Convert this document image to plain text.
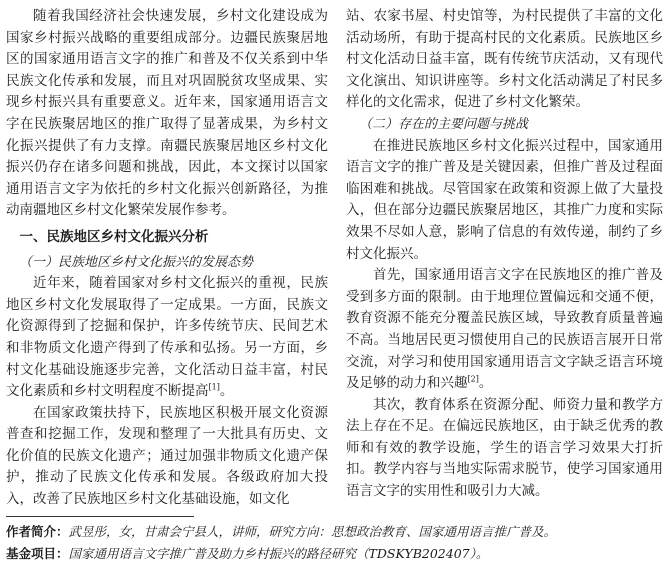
随着我国经济社会快速发展，乡村文化建设成为国家乡村振兴战略的重要组成部分。边疆民族聚居地区的国家通用语言文字的推广和普及不仅关系到中华民族文化传承和发展，而且对巩固脱贫攻坚成果、实现乡村振兴具有重要意义。近年来，国家通用语言文字在民族聚居地区的推广取得了显著成果，为乡村文化振兴提供了有力支撑。南疆民族聚居地区乡村文化振兴仍存在诸多问题和挑战，因此，本文探讨以国家通用语言文字为依托的乡村文化振兴创新路径，为推动南疆地区乡村文化繁荣发展作参考。

一、民族地区乡村文化振兴分析
（一）民族地区乡村文化振兴的发展态势

近年来，随着国家对乡村文化振兴的重视，民族地区乡村文化发展取得了一定成果。一方面，民族文化资源得到了挖掘和保护，许多传统节庆、民间艺术和非物质文化遗产得到了传承和弘扬。另一方面，乡村文化基础设施逐步完善，文化活动日益丰富，村民文化素质和乡村文明程度不断提高[1]。

在国家政策扶持下，民族地区积极开展文化资源普查和挖掘工作，发现和整理了一大批具有历史、文化价值的民族文化遗产；通过加强非物质文化遗产保护，推动了民族文化传承和发展。各级政府加大投入，改善了民族地区乡村文化基础设施，如文化

站、农家书屋、村史馆等，为村民提供了丰富的文化活动场所，有助于提高村民的文化素质。民族地区乡村文化活动日益丰富，既有传统节庆活动，又有现代文化演出、知识讲座等。乡村文化活动满足了村民多样化的文化需求，促进了乡村文化繁荣。

（二）存在的主要问题与挑战

在推进民族地区乡村文化振兴过程中，国家通用语言文字的推广普及是关键因素，但推广普及过程面临困难和挑战。尽管国家在政策和资源上做了大量投入，但在部分边疆民族聚居地区，其推广力度和实际效果不尽如人意，影响了信息的有效传递，制约了乡村文化振兴。

首先，国家通用语言文字在民族地区的推广普及受到多方面的限制。由于地理位置偏远和交通不便，教育资源不能充分覆盖民族区域，导致教育质量普遍不高。当地居民更习惯使用自己的民族语言展开日常交流，对学习和使用国家通用语言文字缺乏语言环境及足够的动力和兴趣[2]。

其次，教育体系在资源分配、师资力量和教学方法上存在不足。在偏远民族地区，由于缺乏优秀的教师和有效的教学设施，学生的语言学习效果大打折扣。教学内容与当地实际需求脱节，使学习国家通用语言文字的实用性和吸引力大减。

作者简介：武昱彤，女，甘肃会宁县人，讲师，研究方向：思想政治教育、国家通用语言推广普及。
基金项目：国家通用语言文字推广普及助力乡村振兴的路径研究（TDSKYB202407）。
